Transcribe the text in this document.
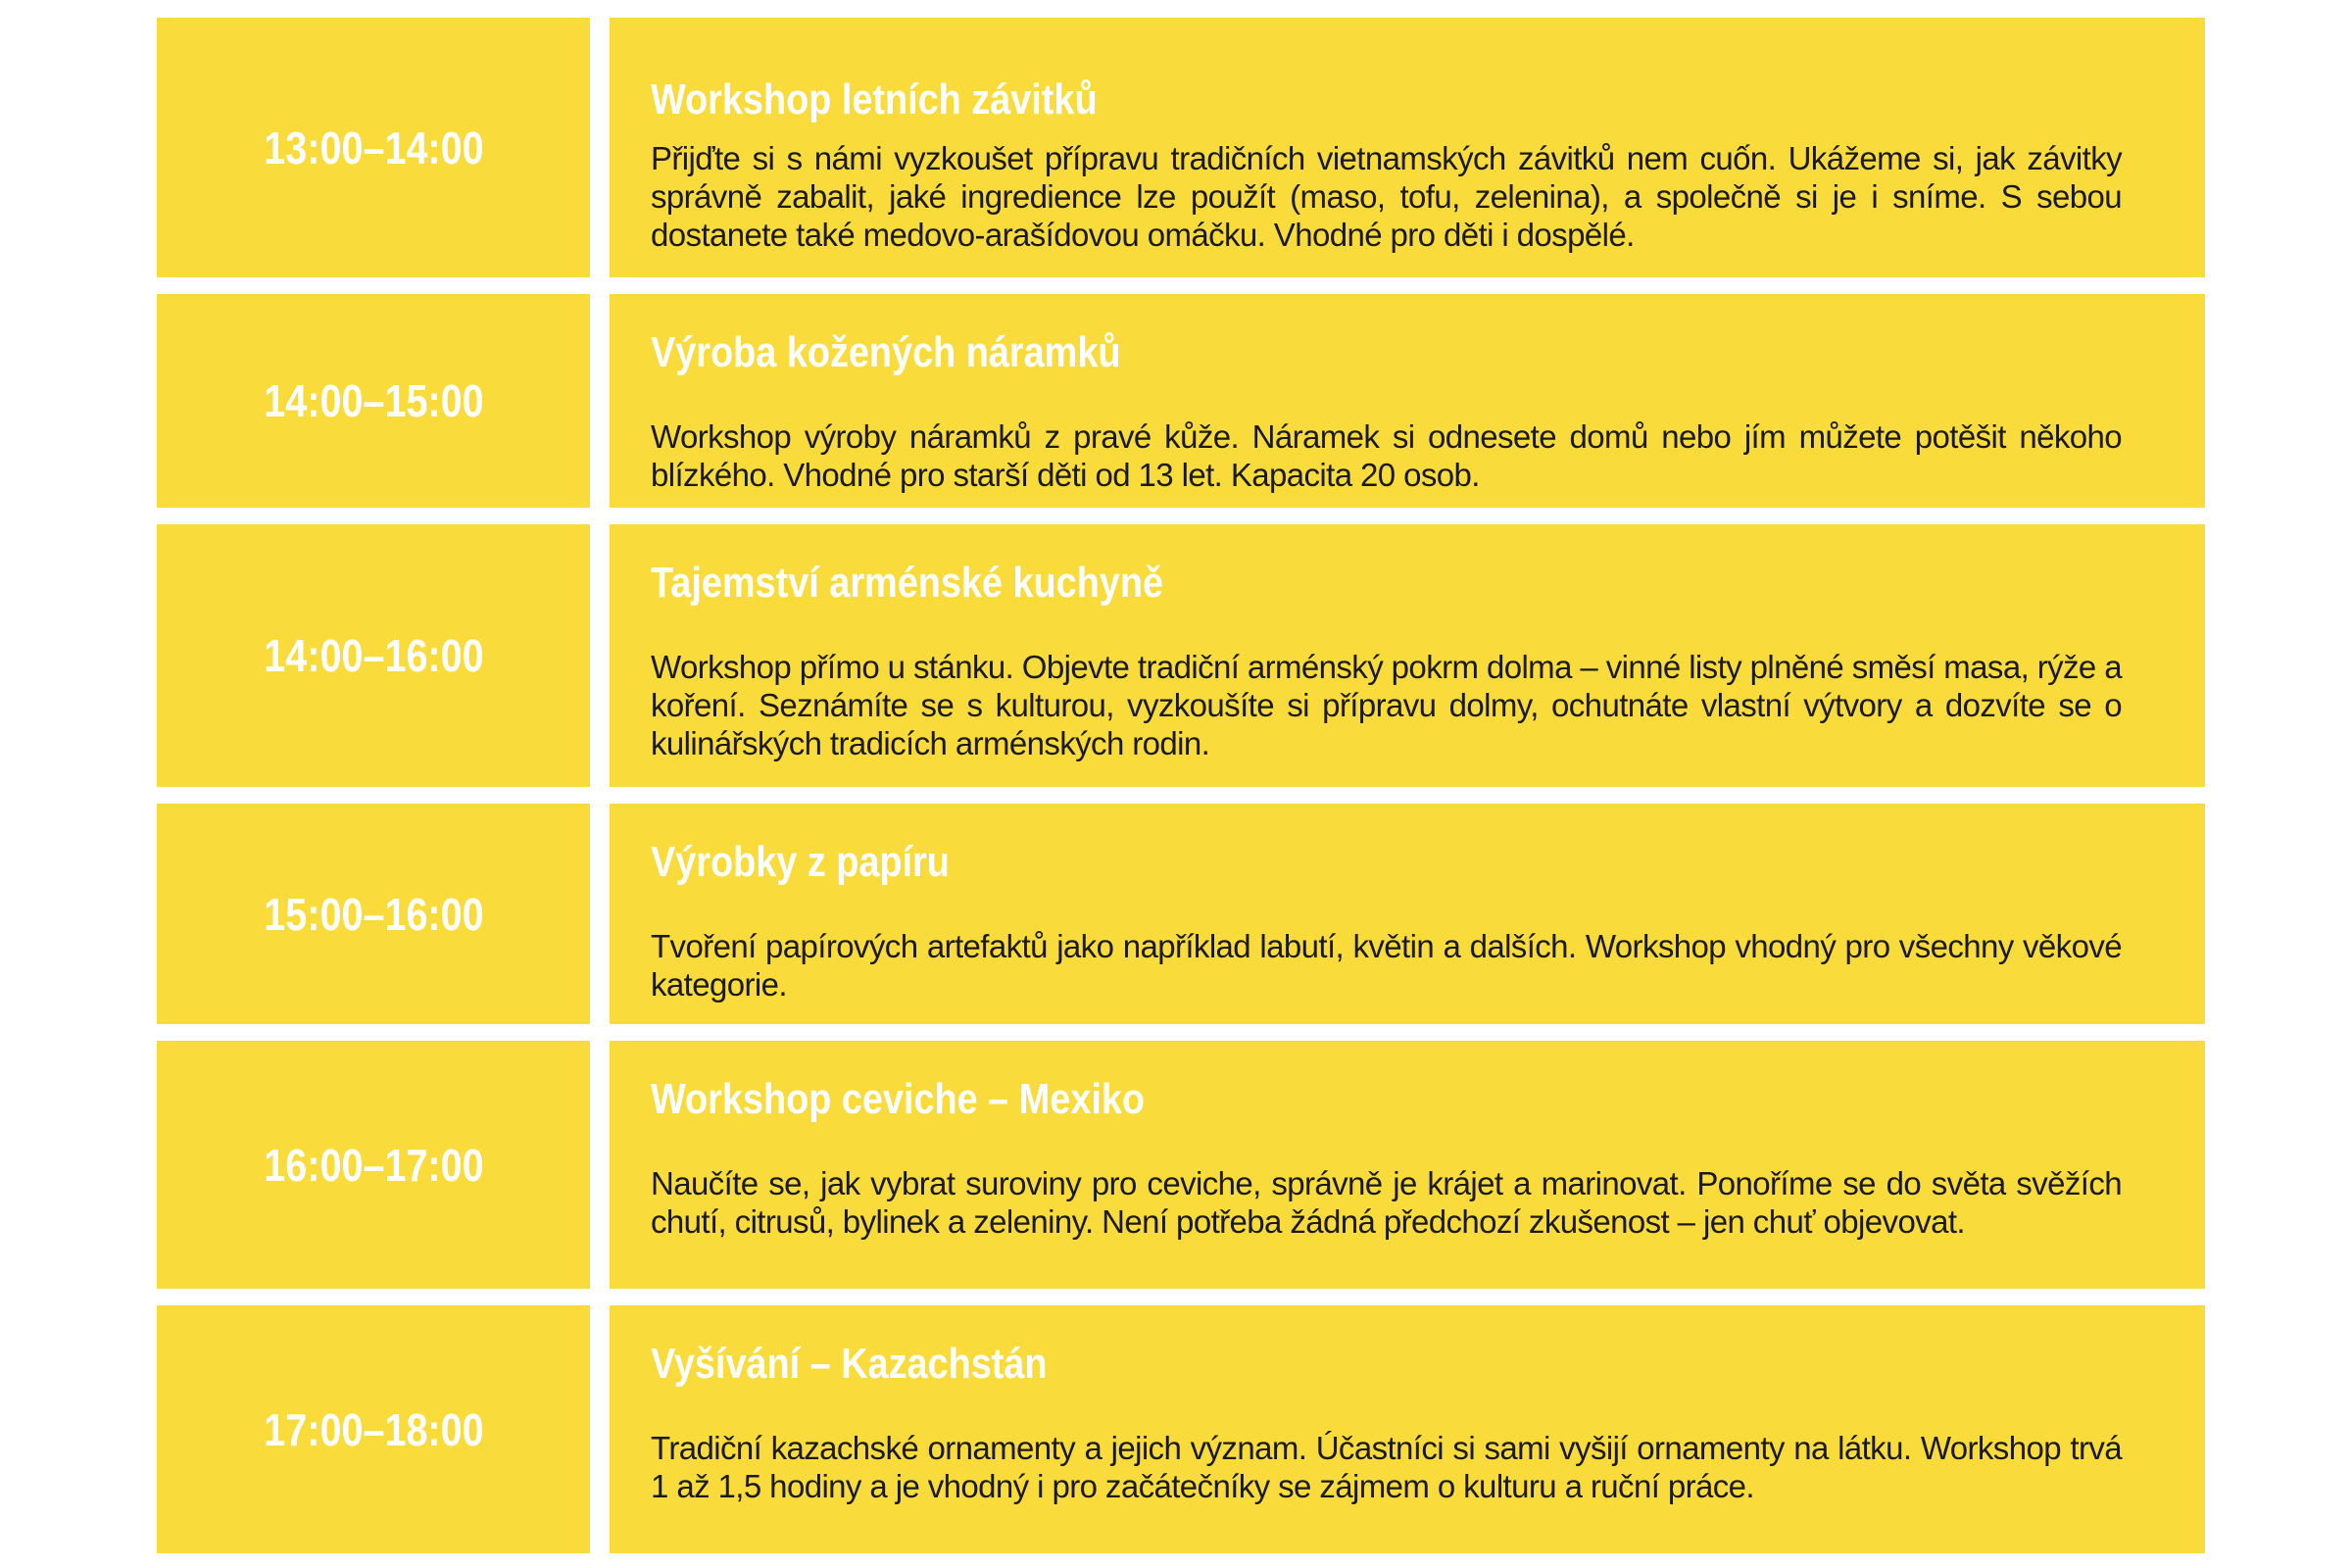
13:00–14:00
Workshop letních závitků

Přijďte si s námi vyzkoušet přípravu tradičních vietnamských závitků nem cuốn. Ukážeme si, jak závitky správně zabalit, jaké ingredience lze použít (maso, tofu, zelenina), a společně si je i sníme. S sebou dostanete také medovo-arašídovou omáčku. Vhodné pro děti i dospělé.

14:00–15:00
Výroba kožených náramků

Workshop výroby náramků z pravé kůže. Náramek si odnesete domů nebo jím můžete potěšit někoho blízkého. Vhodné pro starší děti od 13 let. Kapacita 20 osob.

14:00–16:00
Tajemství arménské kuchyně

Workshop přímo u stánku. Objevte tradiční arménský pokrm dolma – vinné listy plněné směsí masa, rýže a koření. Seznámíte se s kulturou, vyzkoušíte si přípravu dolmy, ochutnáte vlastní výtvory a dozvíte se o kulinářských tradicích arménských rodin.

15:00–16:00
Výrobky z papíru

Tvoření papírových artefaktů jako například labutí, květin a dalších. Workshop vhodný pro všechny věkové kategorie.

16:00–17:00
Workshop ceviche – Mexiko

Naučíte se, jak vybrat suroviny pro ceviche, správně je krájet a marinovat. Ponoříme se do světa svěžích chutí, citrusů, bylinek a zeleniny. Není potřeba žádná předchozí zkušenost – jen chuť objevovat.

17:00–18:00
Vyšívání – Kazachstán

Tradiční kazachské ornamenty a jejich význam. Účastníci si sami vyšijí ornamenty na látku. Workshop trvá 1 až 1,5 hodiny a je vhodný i pro začátečníky se zájmem o kulturu a ruční práce.
